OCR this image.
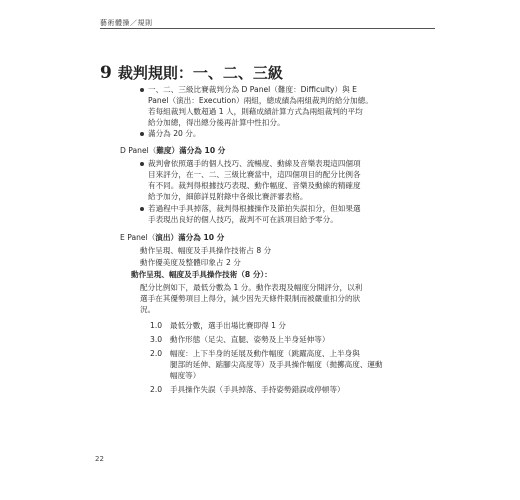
藝術體操／規則
9 裁判規則：一、二、三級
一、二、三級比賽裁判分為 D Panel（難度：Difficulty）與 E
Panel（演出：Execution）兩組，總成績為兩組裁判的給分加總。
若每組裁判人數超過 1 人，則藉成績計算方式為兩組裁判的平均
給分加總，得出總分後再計算中性扣分。
滿分為 20 分。
D Panel（難度）滿分為 10 分
裁判會依照選手的個人技巧、流暢度、動線及音樂表現這四個項
目來評分，在一、二、三級比賽當中，這四個項目的配分比例各
有不同。裁判得根據技巧表現、動作幅度、音樂及動線的精確度
給予加分，細節詳見附錄中各級比賽評審表格。
若過程中手具掉落，裁判得根據操作及節拍失誤扣分，但如果選
手表現出良好的個人技巧，裁判不可在該項目給予零分。
E Panel（演出）滿分為 10 分
動作呈現、幅度及手具操作技術占 8 分
動作優美度及整體印象占 2 分
動作呈現、幅度及手具操作技術（8 分）：
配分比例如下，最低分數為 1 分。動作表現及幅度分開評分，以利
選手在其優勢項目上得分，減少因先天條件限制而被嚴重扣分的狀
況。
1.0 最低分數，選手出場比賽即得 1 分
3.0 動作形態（足尖、直腿、姿勢及上半身延伸等）
2.0 幅度：上下半身的延展及動作幅度（跳躍高度、上半身與
腿部的延伸、踮腳尖高度等）及手具操作幅度（拋擲高度、運動
幅度等）
2.0 手具操作失誤（手具掉落、手持姿勢錯誤或停頓等）
22
